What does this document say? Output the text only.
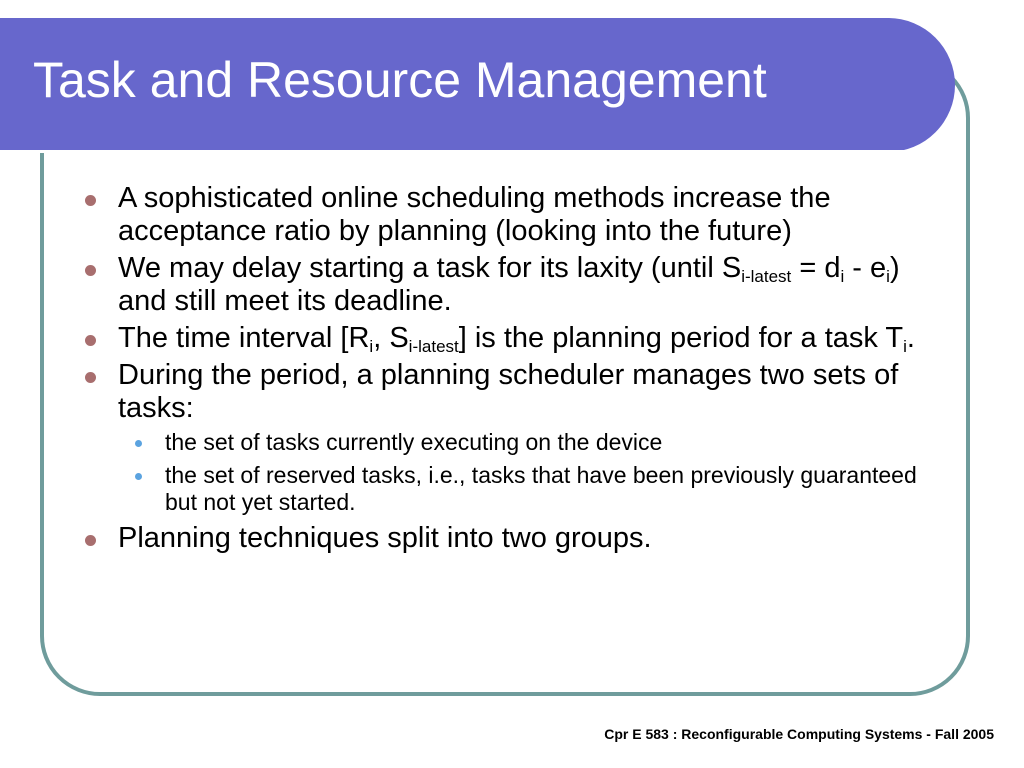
Task and Resource Management
A sophisticated online scheduling methods increase the acceptance ratio by planning (looking into the future)
We may delay starting a task for its laxity (until $S_{i-latest} = d_i - e_i$) and still meet its deadline.
The time interval [$R_i$, $S_{i-latest}$] is the planning period for a task $T_i$.
During the period, a planning scheduler manages two sets of tasks:
the set of tasks currently executing on the device
the set of reserved tasks, i.e., tasks that have been previously guaranteed but not yet started.
Planning techniques split into two groups.
Cpr E 583 : Reconfigurable Computing Systems - Fall 2005
